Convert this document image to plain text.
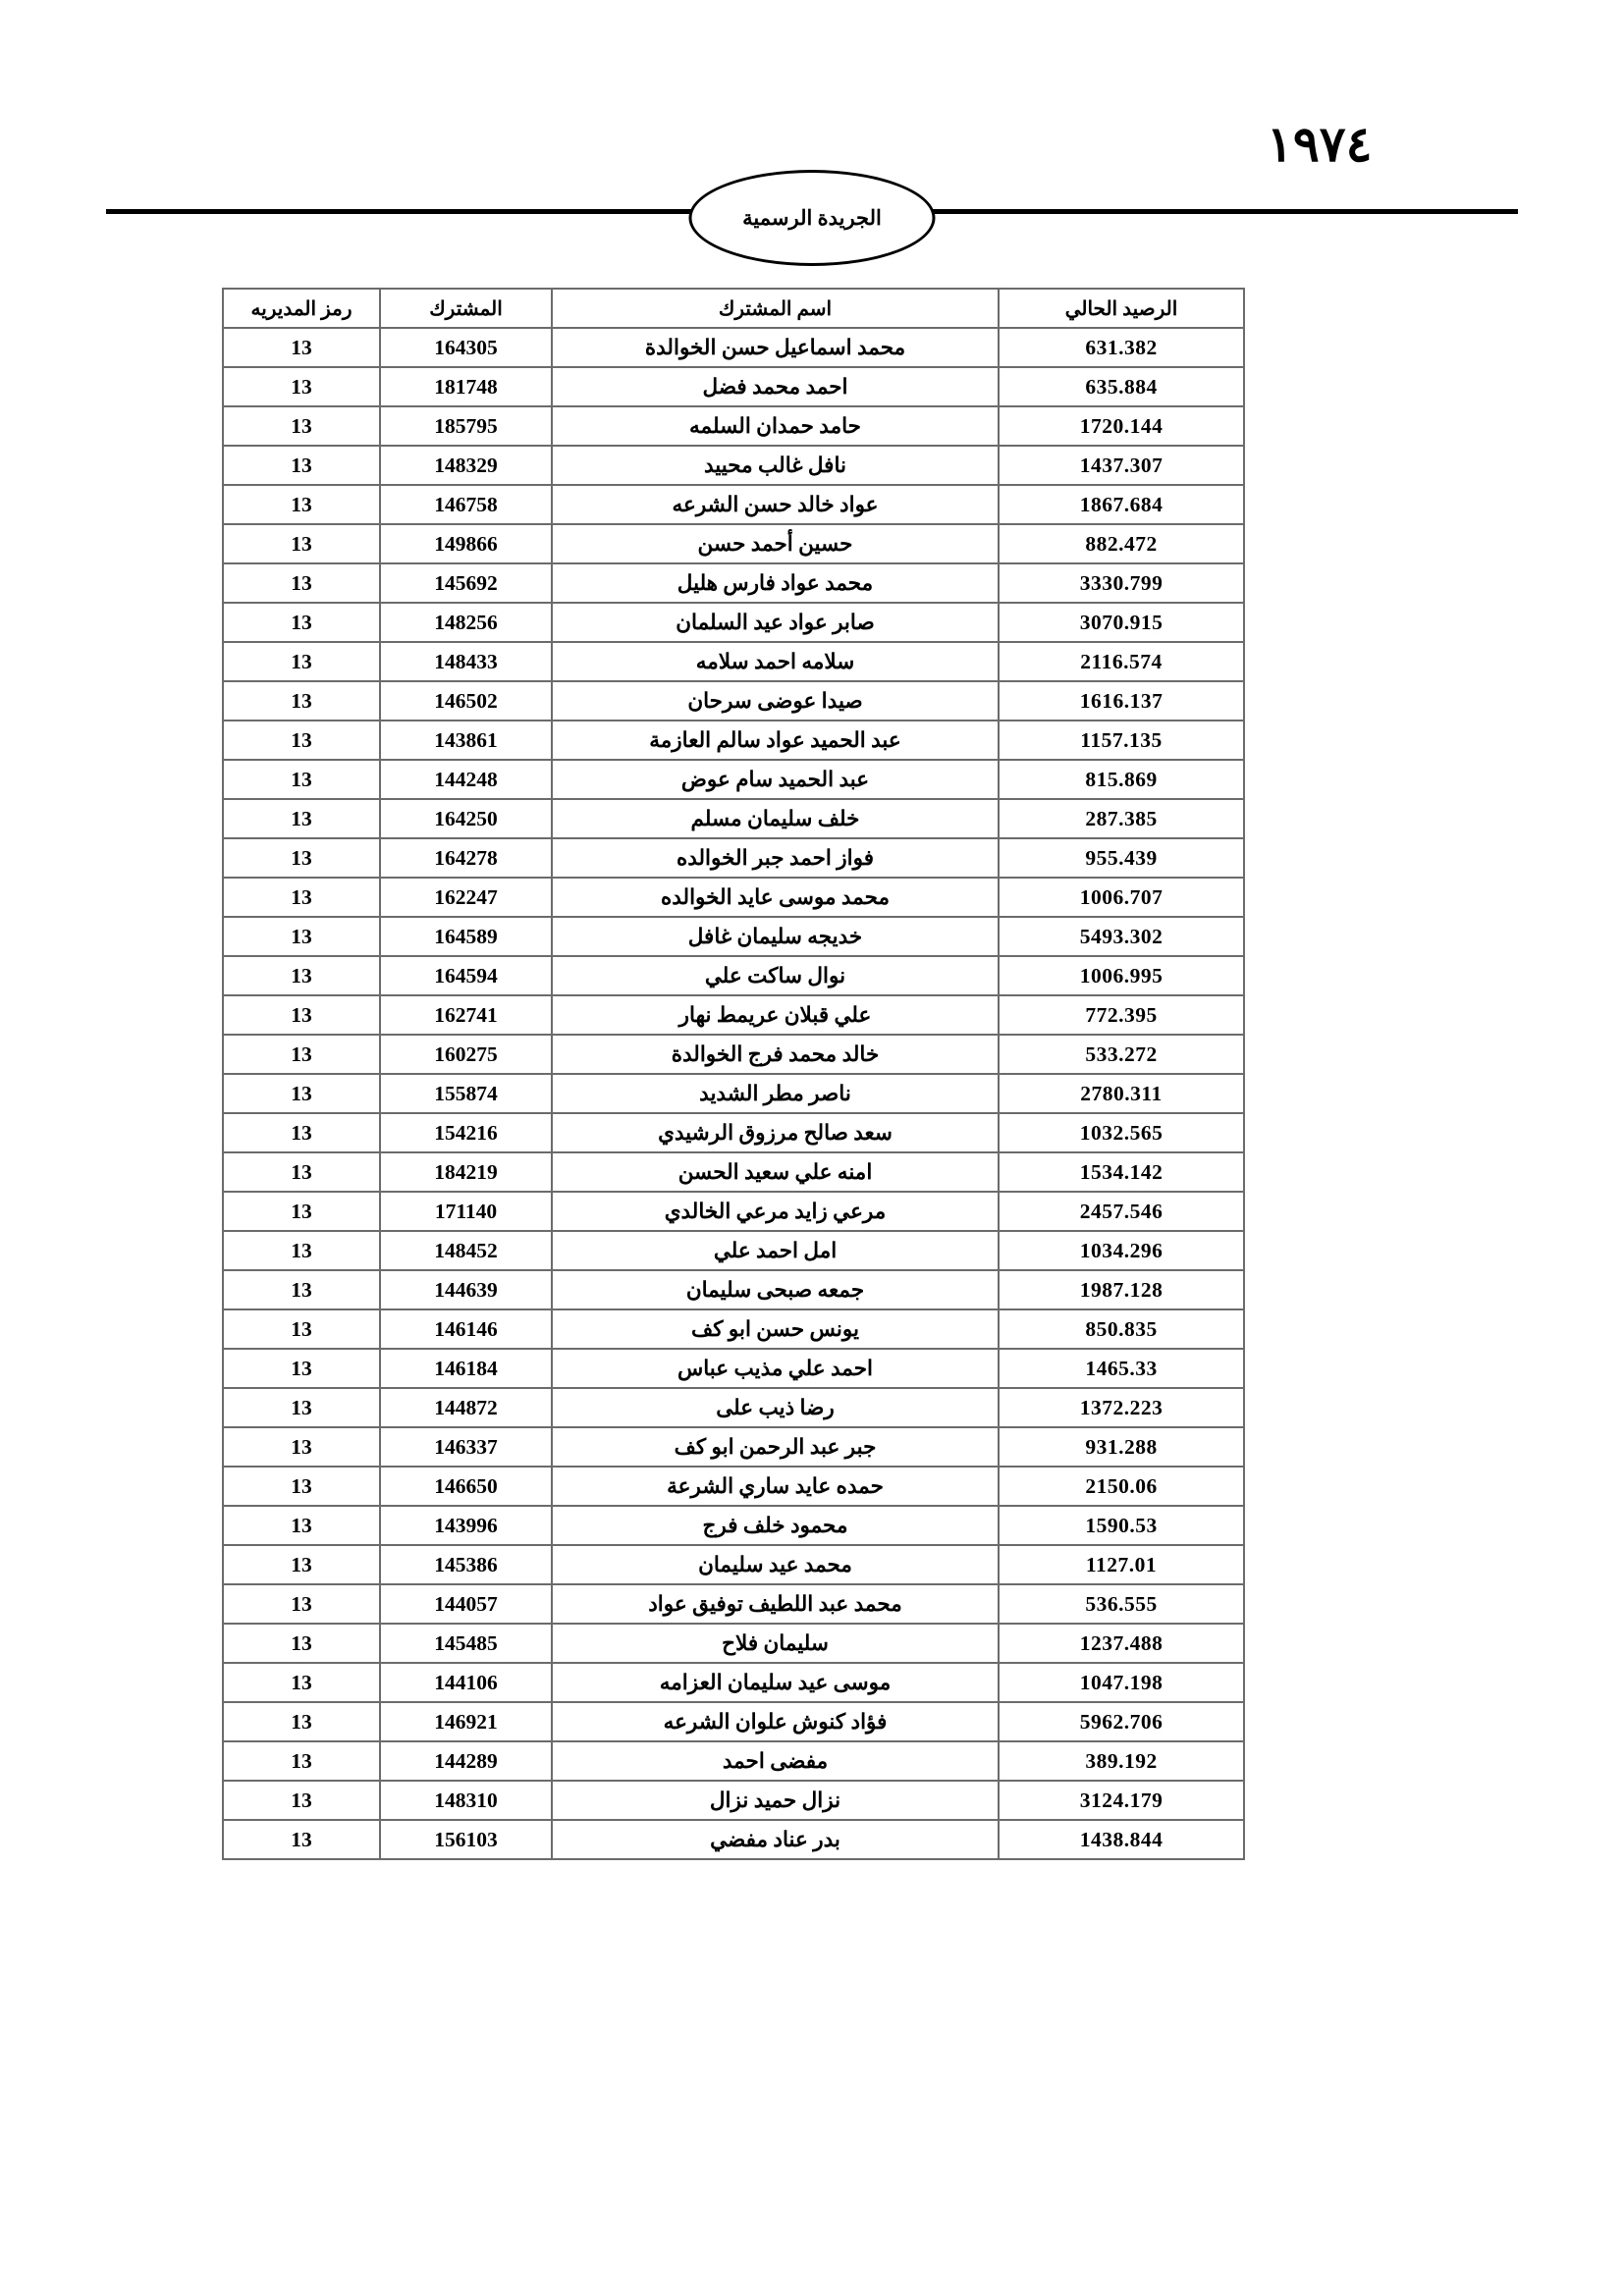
١٩٧٤
الجريدة الرسمية
الرصيد الحالي	اسم المشترك	المشترك	رمز المديريه
631.382	محمد اسماعيل حسن الخوالدة	164305	13
635.884	احمد محمد فضل	181748	13
1720.144	حامد حمدان السلمه	185795	13
1437.307	نافل غالب محييد	148329	13
1867.684	عواد خالد حسن الشرعه	146758	13
882.472	حسين أحمد حسن	149866	13
3330.799	محمد عواد فارس هليل	145692	13
3070.915	صابر عواد عيد السلمان	148256	13
2116.574	سلامه احمد سلامه	148433	13
1616.137	صيدا عوضى سرحان	146502	13
1157.135	عبد الحميد عواد سالم العازمة	143861	13
815.869	عبد الحميد سام عوض	144248	13
287.385	خلف سليمان مسلم	164250	13
955.439	فواز احمد جبر الخوالده	164278	13
1006.707	محمد موسى عايد الخوالده	162247	13
5493.302	خديجه سليمان غافل	164589	13
1006.995	نوال ساكت علي	164594	13
772.395	علي قبلان عريمط نهار	162741	13
533.272	خالد محمد فرج الخوالدة	160275	13
2780.311	ناصر مطر الشديد	155874	13
1032.565	سعد صالح مرزوق الرشيدي	154216	13
1534.142	امنه علي سعيد الحسن	184219	13
2457.546	مرعي زايد مرعي الخالدي	171140	13
1034.296	امل احمد علي	148452	13
1987.128	جمعه صبحى سليمان	144639	13
850.835	يونس حسن ابو كف	146146	13
1465.33	احمد علي مذيب عباس	146184	13
1372.223	رضا ذيب على	144872	13
931.288	جبر عبد الرحمن ابو كف	146337	13
2150.06	حمده عايد ساري الشرعة	146650	13
1590.53	محمود خلف فرج	143996	13
1127.01	محمد عيد سليمان	145386	13
536.555	محمد عبد اللطيف توفيق عواد	144057	13
1237.488	سليمان فلاح	145485	13
1047.198	موسى عيد سليمان العزامه	144106	13
5962.706	فؤاد كنوش علوان الشرعه	146921	13
389.192	مفضى احمد	144289	13
3124.179	نزال حميد نزال	148310	13
1438.844	بدر عناد مفضي	156103	13
